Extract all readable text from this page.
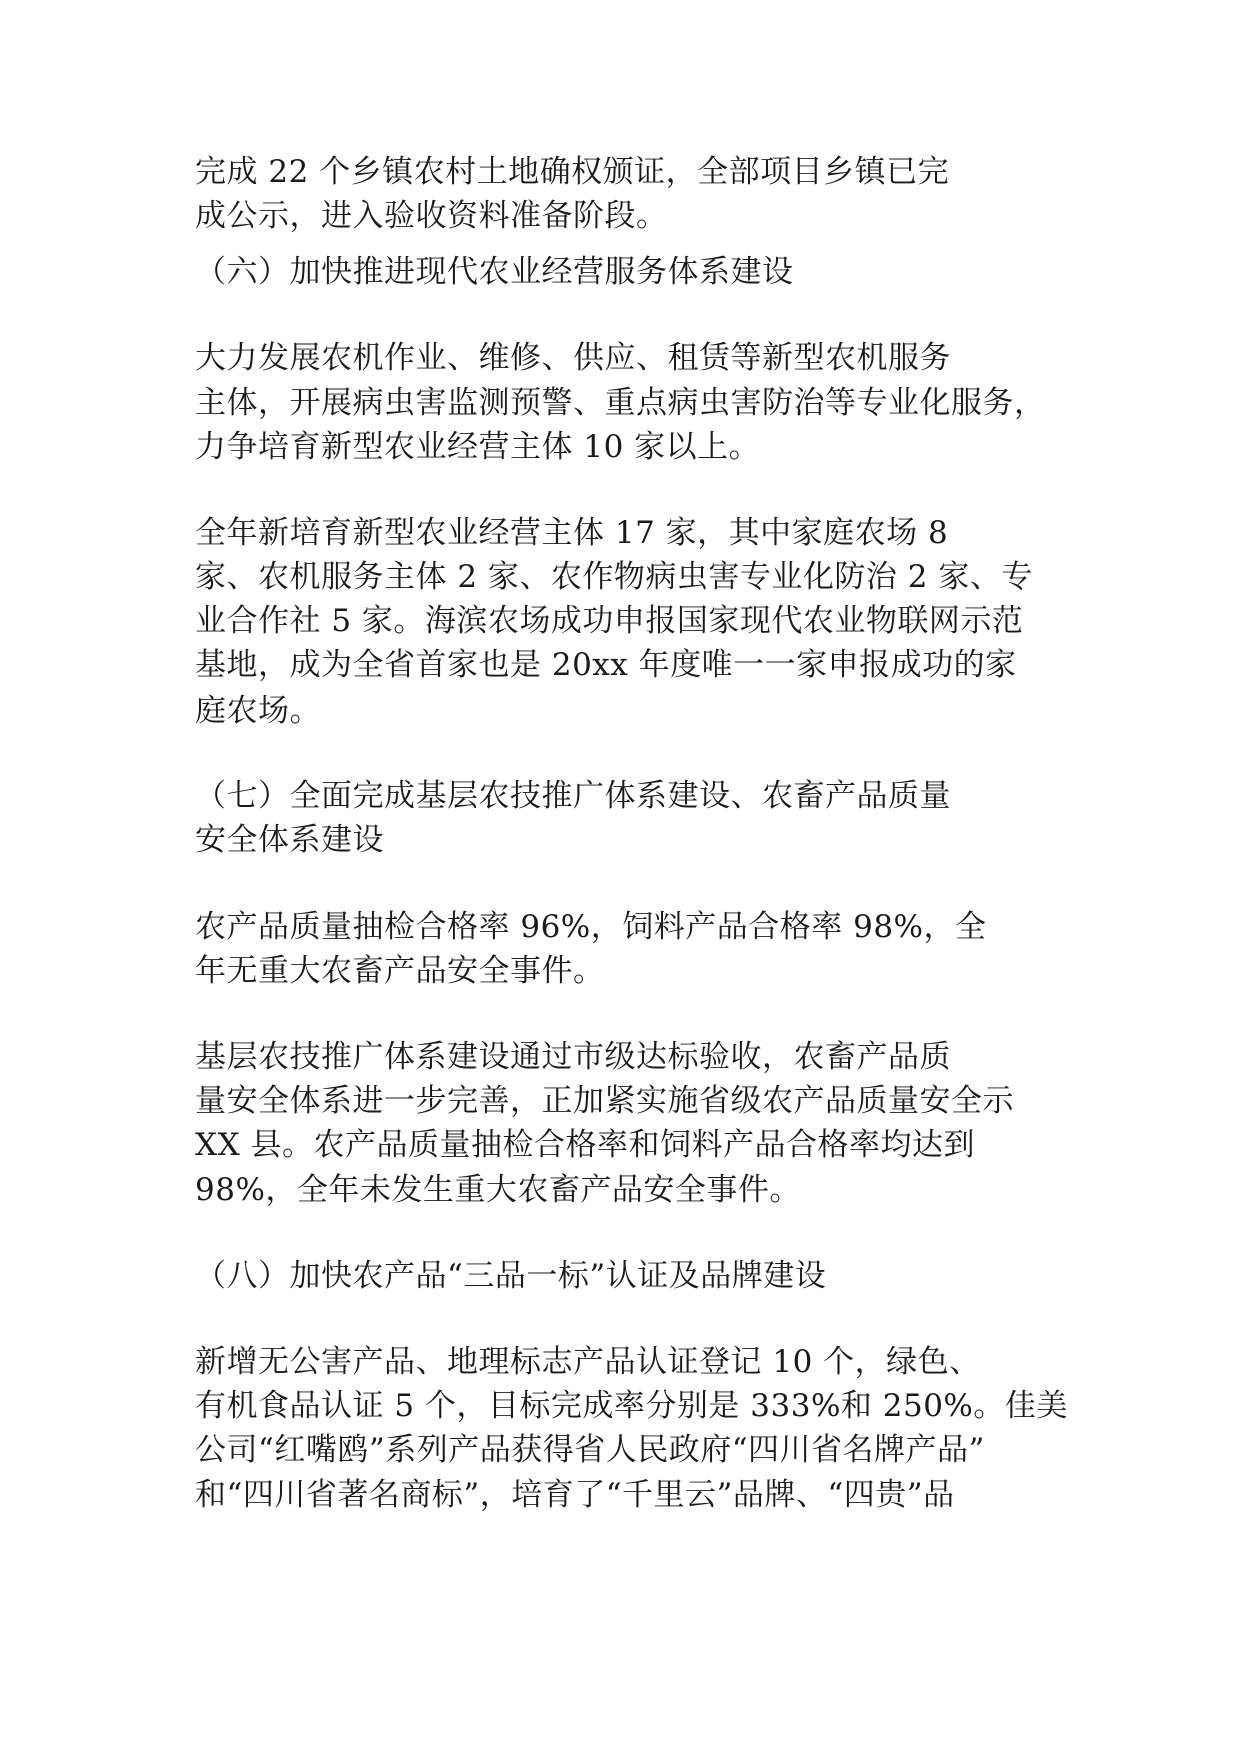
完成 22 个乡镇农村土地确权颁证，全部项目乡镇已完
成公示，进入验收资料准备阶段。
（六）加快推进现代农业经营服务体系建设
大力发展农机作业、维修、供应、租赁等新型农机服务
主体，开展病虫害监测预警、重点病虫害防治等专业化服务，
力争培育新型农业经营主体 10 家以上。
全年新培育新型农业经营主体 17 家，其中家庭农场 8
家、农机服务主体 2 家、农作物病虫害专业化防治 2 家、专
业合作社 5 家。海滨农场成功申报国家现代农业物联网示范
基地，成为全省首家也是 20xx 年度唯一一家申报成功的家
庭农场。
（七）全面完成基层农技推广体系建设、农畜产品质量
安全体系建设
农产品质量抽检合格率 96%，饲料产品合格率 98%，全
年无重大农畜产品安全事件。
基层农技推广体系建设通过市级达标验收，农畜产品质
量安全体系进一步完善，正加紧实施省级农产品质量安全示
XX 县。农产品质量抽检合格率和饲料产品合格率均达到
98%，全年未发生重大农畜产品安全事件。
（八）加快农产品“三品一标”认证及品牌建设
新增无公害产品、地理标志产品认证登记 10 个，绿色、
有机食品认证 5 个，目标完成率分别是 333%和 250%。佳美
公司“红嘴鸥”系列产品获得省人民政府“四川省名牌产品”
和“四川省著名商标”，培育了“千里云”品牌、“四贵”品
